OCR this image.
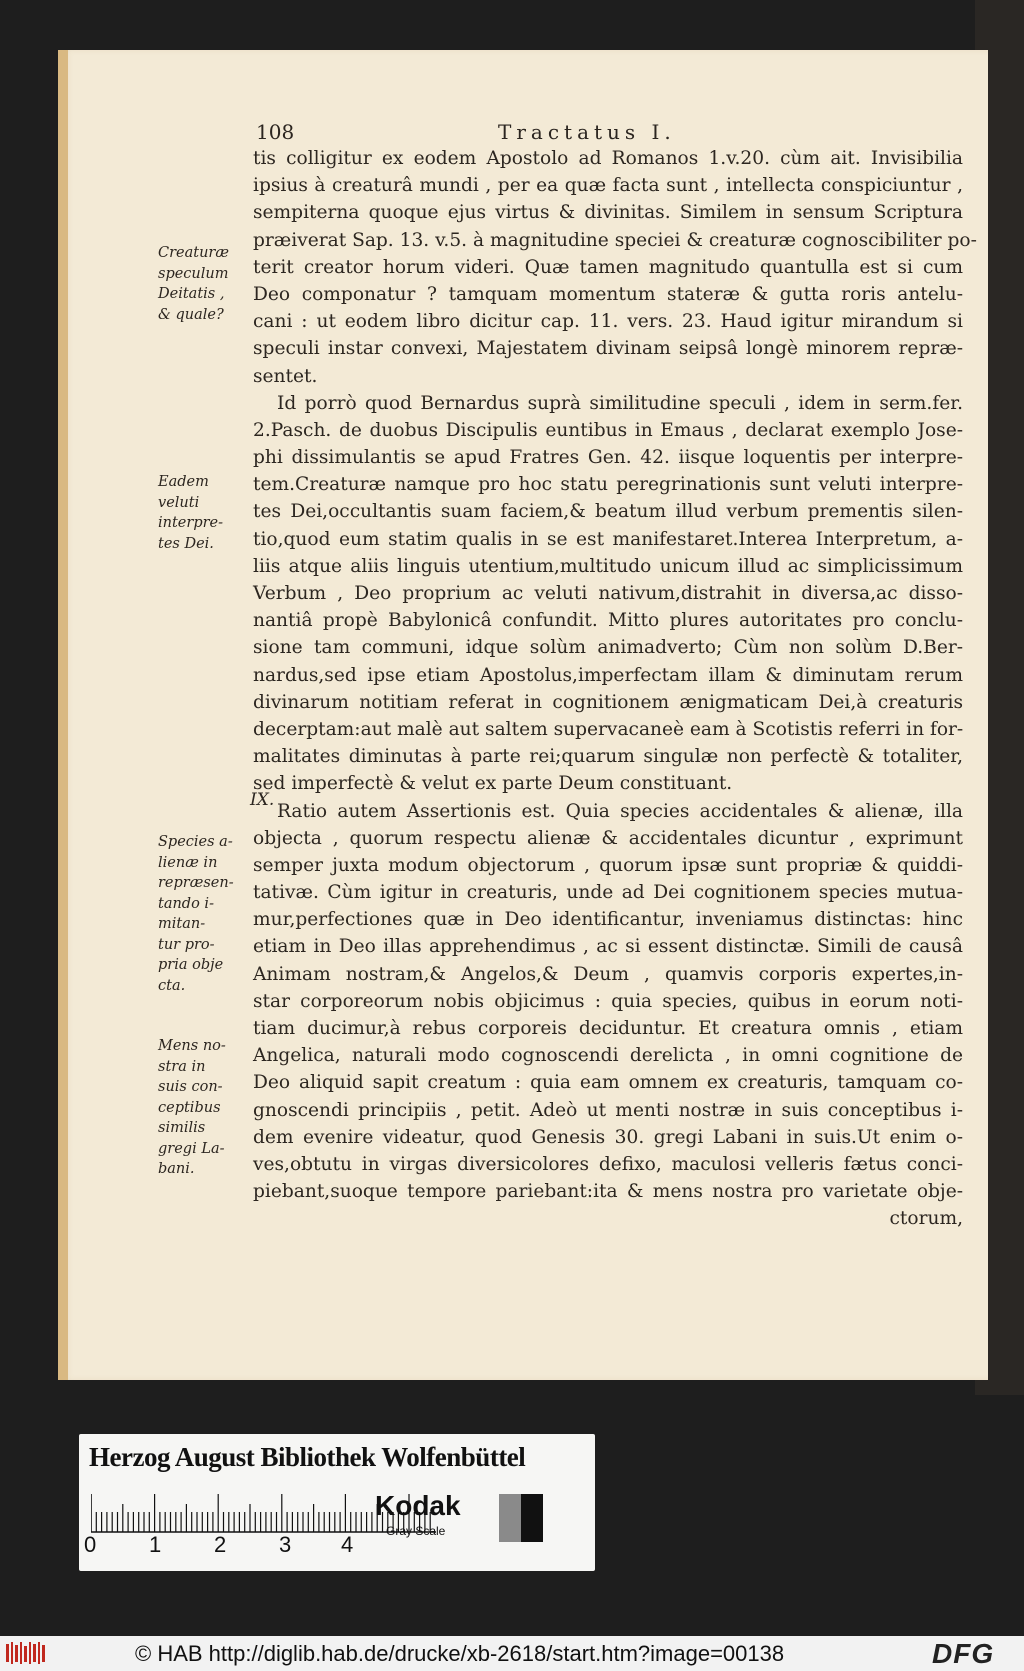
108	Tractatus I.
Creaturæ
speculum
Deitatis ,
& quale?
Eadem
veluti
interpre-
tes Dei.
Species a-
lienæ in
repræsen-
tando i-
mitan-
tur pro-
pria obje
cta.
Mens no-
stra in
suis con-
ceptibus
similis
gregi La-
bani.
IX.
tis colligitur ex eodem Apostolo ad Romanos 1.v.20. cùm ait. Invisibilia
ipsius à creaturâ mundi , per ea quæ facta sunt , intellecta conspiciuntur ,
sempiterna quoque ejus virtus & divinitas. Similem in sensum Scriptura
præiverat Sap. 13. v.5. à magnitudine speciei & creaturæ cognoscibiliter po-
terit creator horum videri. Quæ tamen magnitudo quantulla est si cum
Deo componatur ? tamquam momentum stateræ & gutta roris antelu-
cani : ut eodem libro dicitur cap. 11. vers. 23. Haud igitur mirandum si
speculi instar convexi, Majestatem divinam seipsâ longè minorem repræ-
sentet.
Id porrò quod Bernardus suprà similitudine speculi , idem in serm.fer.
2.Pasch. de duobus Discipulis euntibus in Emaus , declarat exemplo Jose-
phi dissimulantis se apud Fratres Gen. 42. iisque loquentis per interpre-
tem.Creaturæ namque pro hoc statu peregrinationis sunt veluti interpre-
tes Dei,occultantis suam faciem,& beatum illud verbum prementis silen-
tio,quod eum statim qualis in se est manifestaret.Interea Interpretum, a-
liis atque aliis linguis utentium,multitudo unicum illud ac simplicissimum
Verbum , Deo proprium ac veluti nativum,distrahit in diversa,ac disso-
nantiâ propè Babylonicâ confundit. Mitto plures autoritates pro conclu-
sione tam communi, idque solùm animadverto; Cùm non solùm D.Ber-
nardus,sed ipse etiam Apostolus,imperfectam illam & diminutam rerum
divinarum notitiam referat in cognitionem ænigmaticam Dei,à creaturis
decerptam:aut malè aut saltem supervacaneè eam à Scotistis referri in for-
malitates diminutas à parte rei;quarum singulæ non perfectè & totaliter,
sed imperfectè & velut ex parte Deum constituant.
Ratio autem Assertionis est. Quia species accidentales & alienæ, illa
objecta , quorum respectu alienæ & accidentales dicuntur , exprimunt
semper juxta modum objectorum , quorum ipsæ sunt propriæ & quiddi-
tativæ. Cùm igitur in creaturis, unde ad Dei cognitionem species mutua-
mur,perfectiones quæ in Deo identificantur, inveniamus distinctas: hinc
etiam in Deo illas apprehendimus , ac si essent distinctæ. Simili de causâ
Animam nostram,& Angelos,& Deum , quamvis corporis expertes,in-
star corporeorum nobis objicimus : quia species, quibus in eorum noti-
tiam ducimur,à rebus corporeis deciduntur. Et creatura omnis , etiam
Angelica, naturali modo cognoscendi derelicta , in omni cognitione de
Deo aliquid sapit creatum : quia eam omnem ex creaturis, tamquam co-
gnoscendi principiis , petit. Adeò ut menti nostræ in suis conceptibus i-
dem evenire videatur, quod Genesis 30. gregi Labani in suis.Ut enim o-
ves,obtutu in virgas diversicolores defixo, maculosi velleris fætus conci-
piebant,suoque tempore pariebant:ita & mens nostra pro varietate obje-
ctorum,
Herzog August Bibliothek Wolfenbüttel
0 1 2 3 4
Kodak
Gray Scale
© HAB http://diglib.hab.de/drucke/xb-2618/start.htm?image=00138	DFG
